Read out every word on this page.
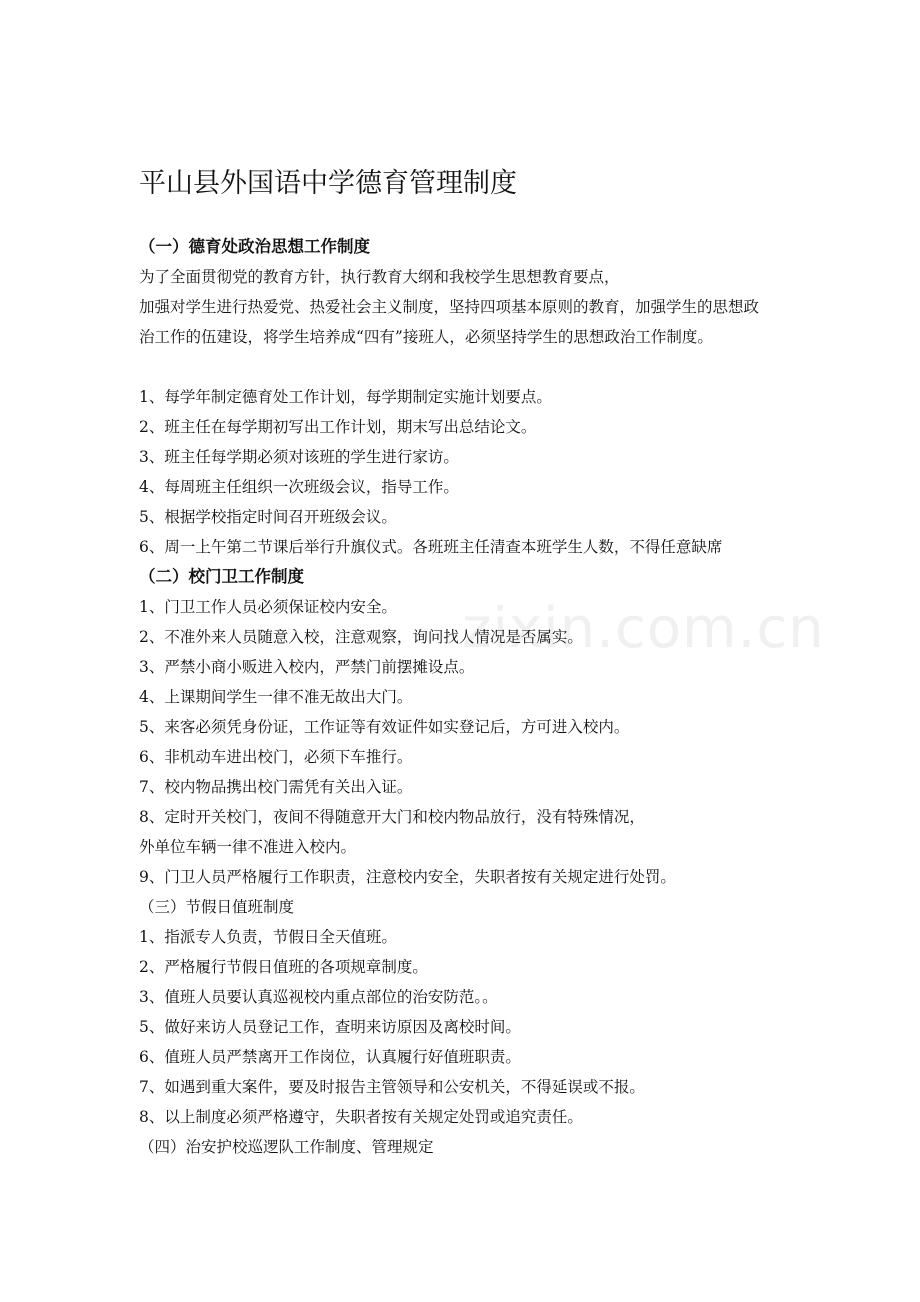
平山县外国语中学德育管理制度

（一）德育处政治思想工作制度

为了全面贯彻党的教育方针，执行教育大纲和我校学生思想教育要点，

加强对学生进行热爱党、热爱社会主义制度，坚持四项基本原则的教育，加强学生的思想政

治工作的伍建设，将学生培养成“四有”接班人，必须坚持学生的思想政治工作制度。

1、每学年制定德育处工作计划，每学期制定实施计划要点。

2、班主任在每学期初写出工作计划，期末写出总结论文。

3、班主任每学期必须对该班的学生进行家访。

4、每周班主任组织一次班级会议，指导工作。

5、根据学校指定时间召开班级会议。

6、周一上午第二节课后举行升旗仪式。各班班主任清查本班学生人数，不得任意缺席

（二）校门卫工作制度

1、门卫工作人员必须保证校内安全。

2、不准外来人员随意入校，注意观察，询问找人情况是否属实。

3、严禁小商小贩进入校内，严禁门前摆摊设点。

4、上课期间学生一律不准无故出大门。

5、来客必须凭身份证，工作证等有效证件如实登记后，方可进入校内。

6、非机动车进出校门，必须下车推行。

7、校内物品携出校门需凭有关出入证。

8、定时开关校门，夜间不得随意开大门和校内物品放行，没有特殊情况，

外单位车辆一律不准进入校内。

9、门卫人员严格履行工作职责，注意校内安全，失职者按有关规定进行处罚。

（三）节假日值班制度

1、指派专人负责，节假日全天值班。

2、严格履行节假日值班的各项规章制度。

3、值班人员要认真巡视校内重点部位的治安防范。。

5、做好来访人员登记工作，查明来访原因及离校时间。

6、值班人员严禁离开工作岗位，认真履行好值班职责。

7、如遇到重大案件，要及时报告主管领导和公安机关，不得延误或不报。

8、以上制度必须严格遵守，失职者按有关规定处罚或追究责任。

（四）治安护校巡逻队工作制度、管理规定

zixin.com.cn
